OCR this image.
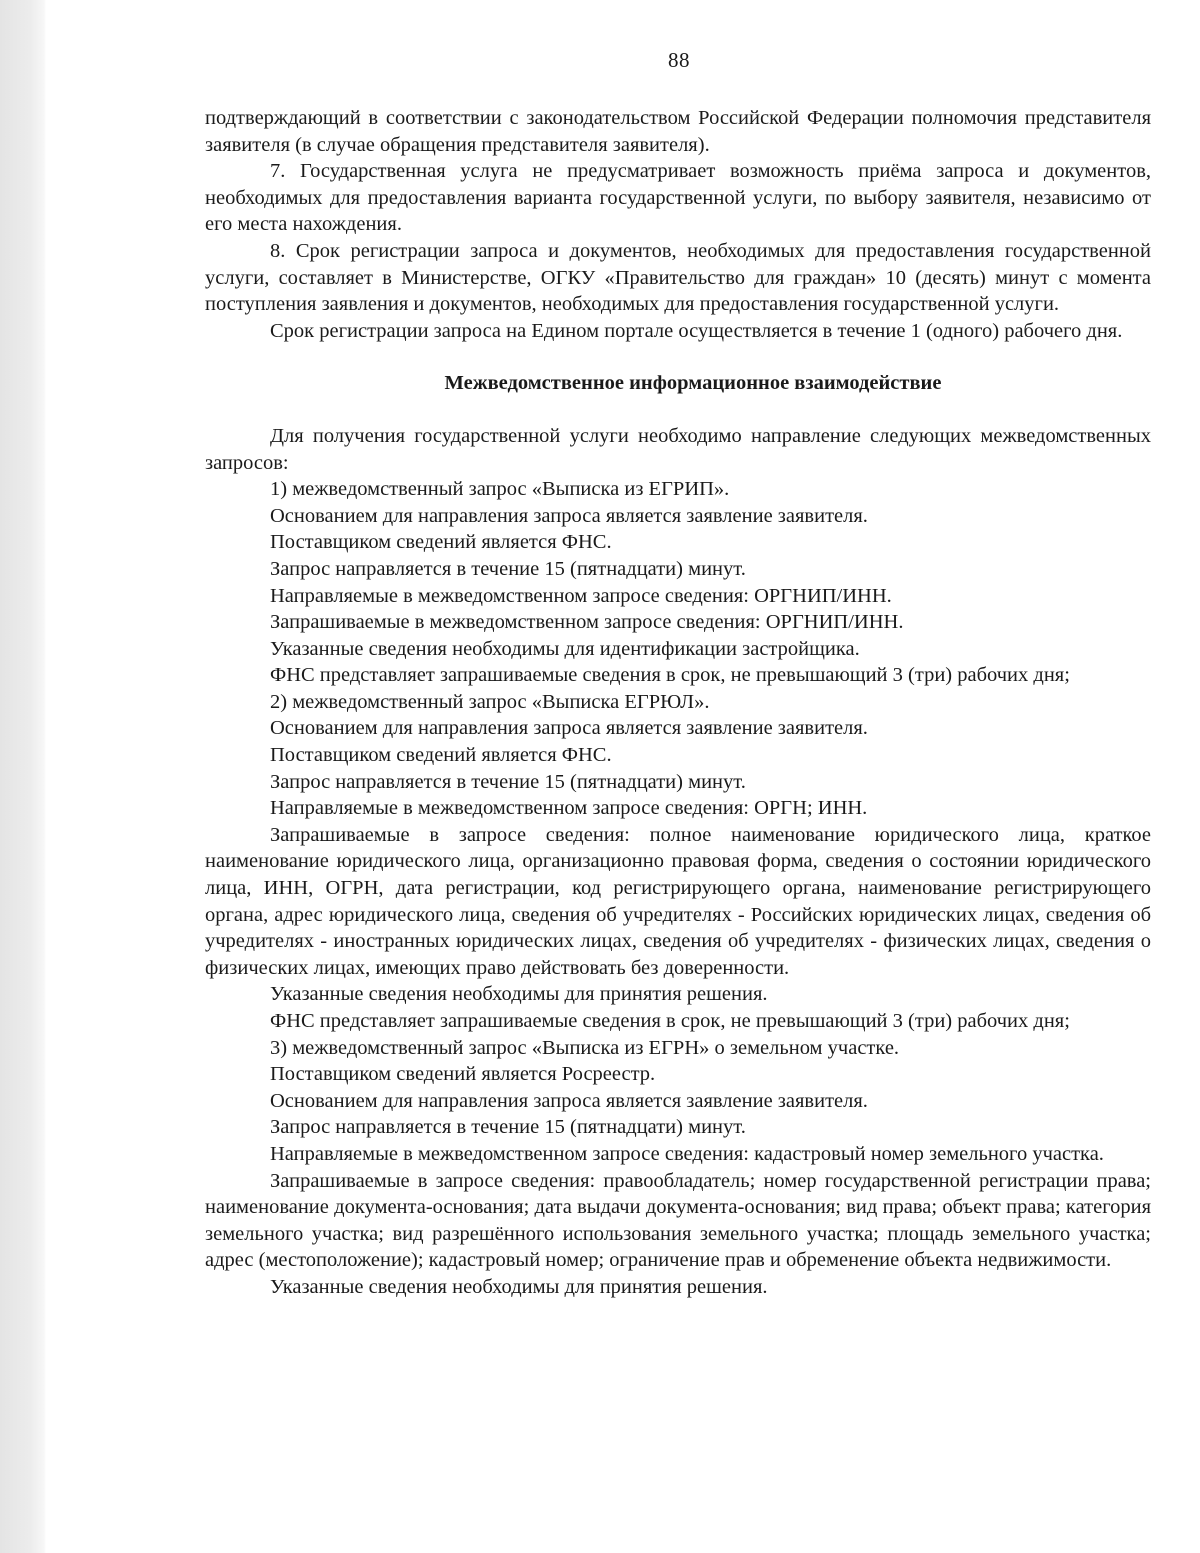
88

подтверждающий в соответствии с законодательством Российской Федерации полномочия представителя заявителя (в случае обращения представителя заявителя).

7. Государственная услуга не предусматривает возможность приёма запроса и документов, необходимых для предоставления варианта государственной услуги, по выбору заявителя, независимо от его места нахождения.

8. Срок регистрации запроса и документов, необходимых для предоставления государственной услуги, составляет в Министерстве, ОГКУ «Правительство для граждан» 10 (десять) минут с момента поступления заявления и документов, необходимых для предоставления государственной услуги.

Срок регистрации запроса на Едином портале осуществляется в течение 1 (одного) рабочего дня.

Межведомственное информационное взаимодействие

Для получения государственной услуги необходимо направление следующих межведомственных запросов:

1) межведомственный запрос «Выписка из ЕГРИП».

Основанием для направления запроса является заявление заявителя.

Поставщиком сведений является ФНС.

Запрос направляется в течение 15 (пятнадцати) минут.

Направляемые в межведомственном запросе сведения: ОРГНИП/ИНН.

Запрашиваемые в межведомственном запросе сведения: ОРГНИП/ИНН.

Указанные сведения необходимы для идентификации застройщика.

ФНС представляет запрашиваемые сведения в срок, не превышающий 3 (три) рабочих дня;

2) межведомственный запрос «Выписка ЕГРЮЛ».

Основанием для направления запроса является заявление заявителя.

Поставщиком сведений является ФНС.

Запрос направляется в течение 15 (пятнадцати) минут.

Направляемые в межведомственном запросе сведения: ОРГН; ИНН.

Запрашиваемые в запросе сведения: полное наименование юридического лица, краткое наименование юридического лица, организационно правовая форма, сведения о состоянии юридического лица, ИНН, ОГРН, дата регистрации, код регистрирующего органа, наименование регистрирующего органа, адрес юридического лица, сведения об учредителях - Российских юридических лицах, сведения об учредителях - иностранных юридических лицах, сведения об учредителях - физических лицах, сведения о физических лицах, имеющих право действовать без доверенности.

Указанные сведения необходимы для принятия решения.

ФНС представляет запрашиваемые сведения в срок, не превышающий 3 (три) рабочих дня;

3) межведомственный запрос «Выписка из ЕГРН» о земельном участке.

Поставщиком сведений является Росреестр.

Основанием для направления запроса является заявление заявителя.

Запрос направляется в течение 15 (пятнадцати) минут.

Направляемые в межведомственном запросе сведения: кадастровый номер земельного участка.

Запрашиваемые в запросе сведения: правообладатель; номер государственной регистрации права; наименование документа-основания; дата выдачи документа-основания; вид права; объект права; категория земельного участка; вид разрешённого использования земельного участка; площадь земельного участка; адрес (местоположение); кадастровый номер; ограничение прав и обременение объекта недвижимости.

Указанные сведения необходимы для принятия решения.
